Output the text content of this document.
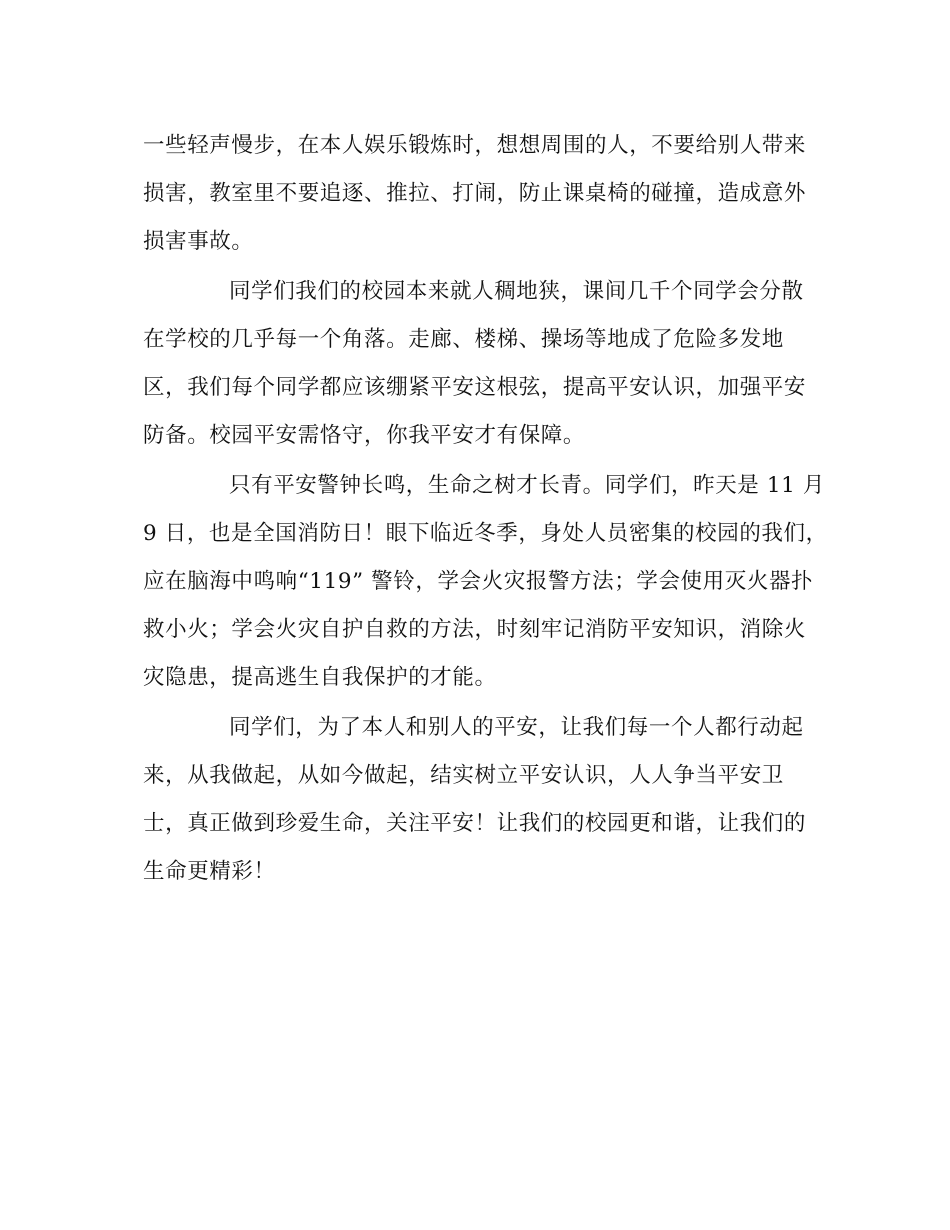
一些轻声慢步，在本人娱乐锻炼时，想想周围的人，不要给别人带来
损害，教室里不要追逐、推拉、打闹，防止课桌椅的碰撞，造成意外
损害事故。
同学们我们的校园本来就人稠地狭，课间几千个同学会分散
在学校的几乎每一个角落。走廊、楼梯、操场等地成了危险多发地
区，我们每个同学都应该绷紧平安这根弦，提高平安认识，加强平安
防备。校园平安需恪守，你我平安才有保障。
只有平安警钟长鸣，生命之树才长青。同学们，昨天是 11 月
9 日，也是全国消防日！眼下临近冬季，身处人员密集的校园的我们，
应在脑海中鸣响“119” 警铃，学会火灾报警方法；学会使用灭火器扑
救小火；学会火灾自护自救的方法，时刻牢记消防平安知识，消除火
灾隐患，提高逃生自我保护的才能。
同学们，为了本人和别人的平安，让我们每一个人都行动起
来，从我做起，从如今做起，结实树立平安认识，人人争当平安卫
士，真正做到珍爱生命，关注平安！让我们的校园更和谐，让我们的
生命更精彩！
